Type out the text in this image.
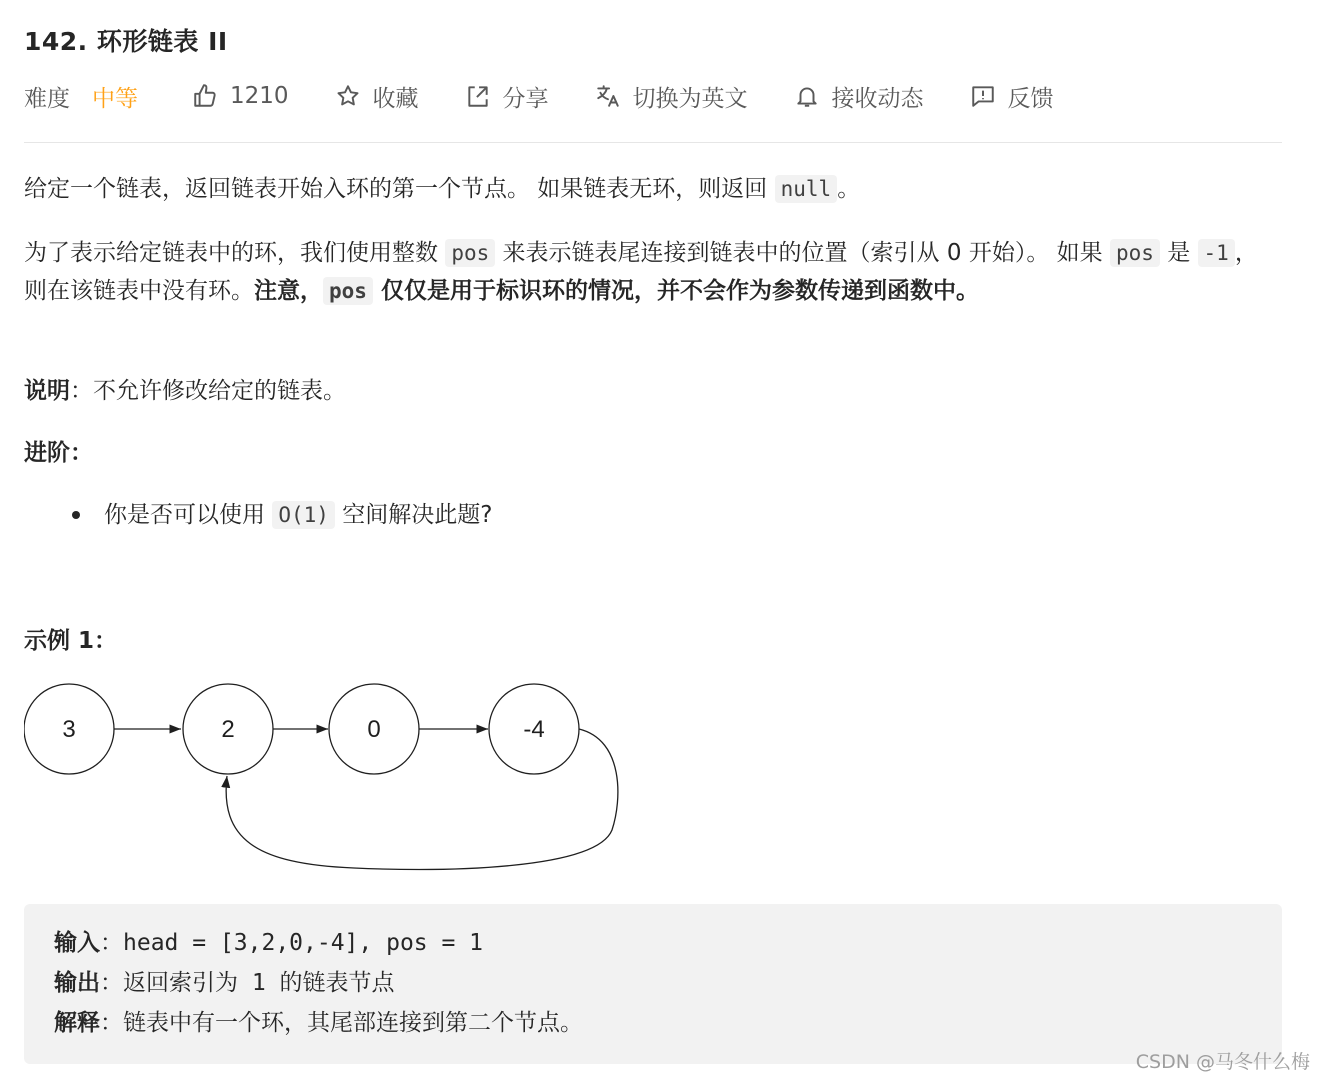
142. 环形链表 II
难度 中等	1210	收藏	分享	切换为英文	接收动态	反馈
给定一个链表，返回链表开始入环的第一个节点。 如果链表无环，则返回 null 。
为了表示给定链表中的环，我们使用整数 pos 来表示链表尾连接到链表中的位置（索引从 0 开始）。 如果 pos 是 -1 ，则在该链表中没有环。注意， pos 仅仅是用于标识环的情况，并不会作为参数传递到函数中。
说明：不允许修改给定的链表。
进阶：
你是否可以使用 O(1) 空间解决此题?
示例 1：
3	2	0	-4
输入：head = [3,2,0,-4], pos = 1
输出：返回索引为 1 的链表节点
解释：链表中有一个环，其尾部连接到第二个节点。
CSDN @马冬什么梅
